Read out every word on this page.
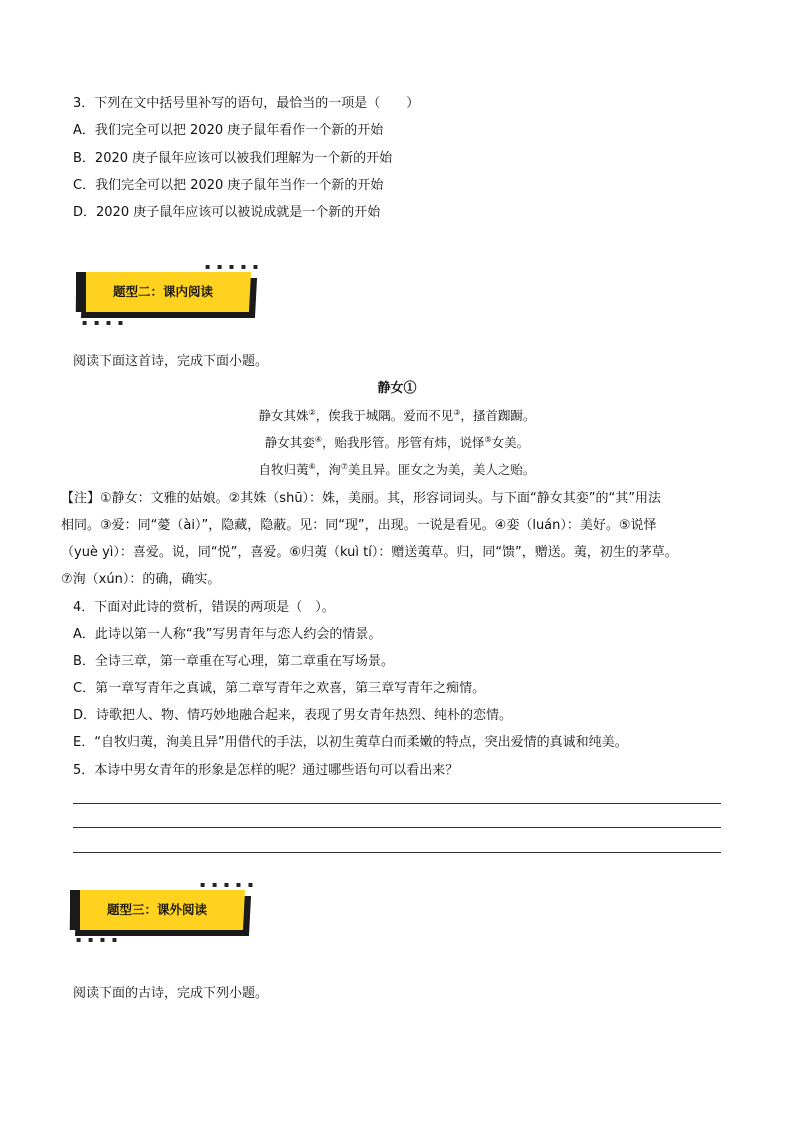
3．下列在文中括号里补写的语句，最恰当的一项是（　　）
A．我们完全可以把 2020 庚子鼠年看作一个新的开始
B．2020 庚子鼠年应该可以被我们理解为一个新的开始
C．我们完全可以把 2020 庚子鼠年当作一个新的开始
D．2020 庚子鼠年应该可以被说成就是一个新的开始
题型二：课内阅读
▪ ▪ ▪ ▪ ▪
▪ ▪ ▪ ▪
阅读下面这首诗，完成下面小题。
静女①
静女其姝②，俟我于城隅。爱而不见③，搔首踟蹰。
静女其娈④，贻我彤管。彤管有炜，说怿⑤女美。
自牧归荑⑥，洵⑦美且异。匪女之为美，美人之贻。
【注】①静女：文雅的姑娘。②其姝（shū）：姝，美丽。其，形容词词头。与下面“静女其娈”的“其”用法
相同。③爱：同“薆（ài）”，隐藏，隐蔽。见：同“现”，出现。一说是看见。④娈（luán）：美好。⑤说怿
（yuè yì）：喜爱。说，同“悦”，喜爱。⑥归荑（kuì tí）：赠送荑草。归，同“馈”，赠送。荑，初生的茅草。
⑦洵（xún）：的确，确实。
4．下面对此诗的赏析，错误的两项是（　）。
A．此诗以第一人称“我”写男青年与恋人约会的情景。
B．全诗三章，第一章重在写心理，第二章重在写场景。
C．第一章写青年之真诚，第二章写青年之欢喜，第三章写青年之痴情。
D．诗歌把人、物、情巧妙地融合起来，表现了男女青年热烈、纯朴的恋情。
E．“自牧归荑，洵美且异”用借代的手法，以初生荑草白而柔嫩的特点，突出爱情的真诚和纯美。
5．本诗中男女青年的形象是怎样的呢？通过哪些语句可以看出来？
题型三：课外阅读
▪ ▪ ▪ ▪ ▪
▪ ▪ ▪ ▪
阅读下面的古诗，完成下列小题。
